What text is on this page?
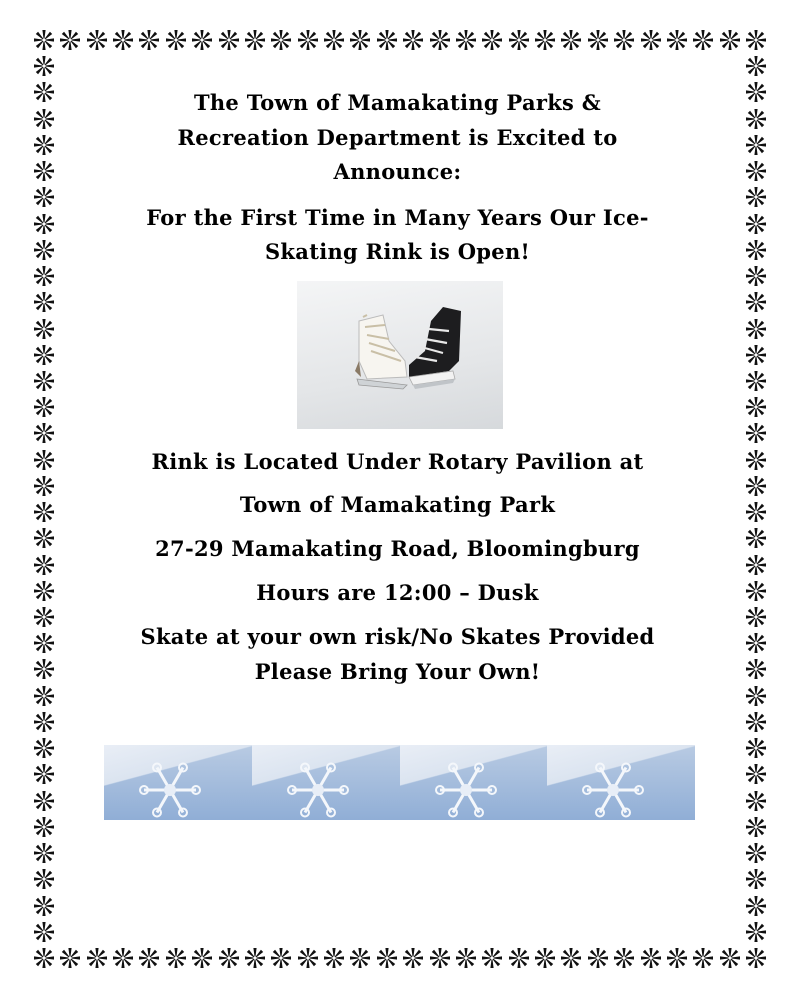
The Town of Mamakating Parks &
Recreation Department is Excited to
Announce:
For the First Time in Many Years Our Ice-
Skating Rink is Open!
Rink is Located Under Rotary Pavilion at
Town of Mamakating Park
27-29 Mamakating Road, Bloomingburg
Hours are 12:00 – Dusk
Skate at your own risk/No Skates Provided
Please Bring Your Own!
